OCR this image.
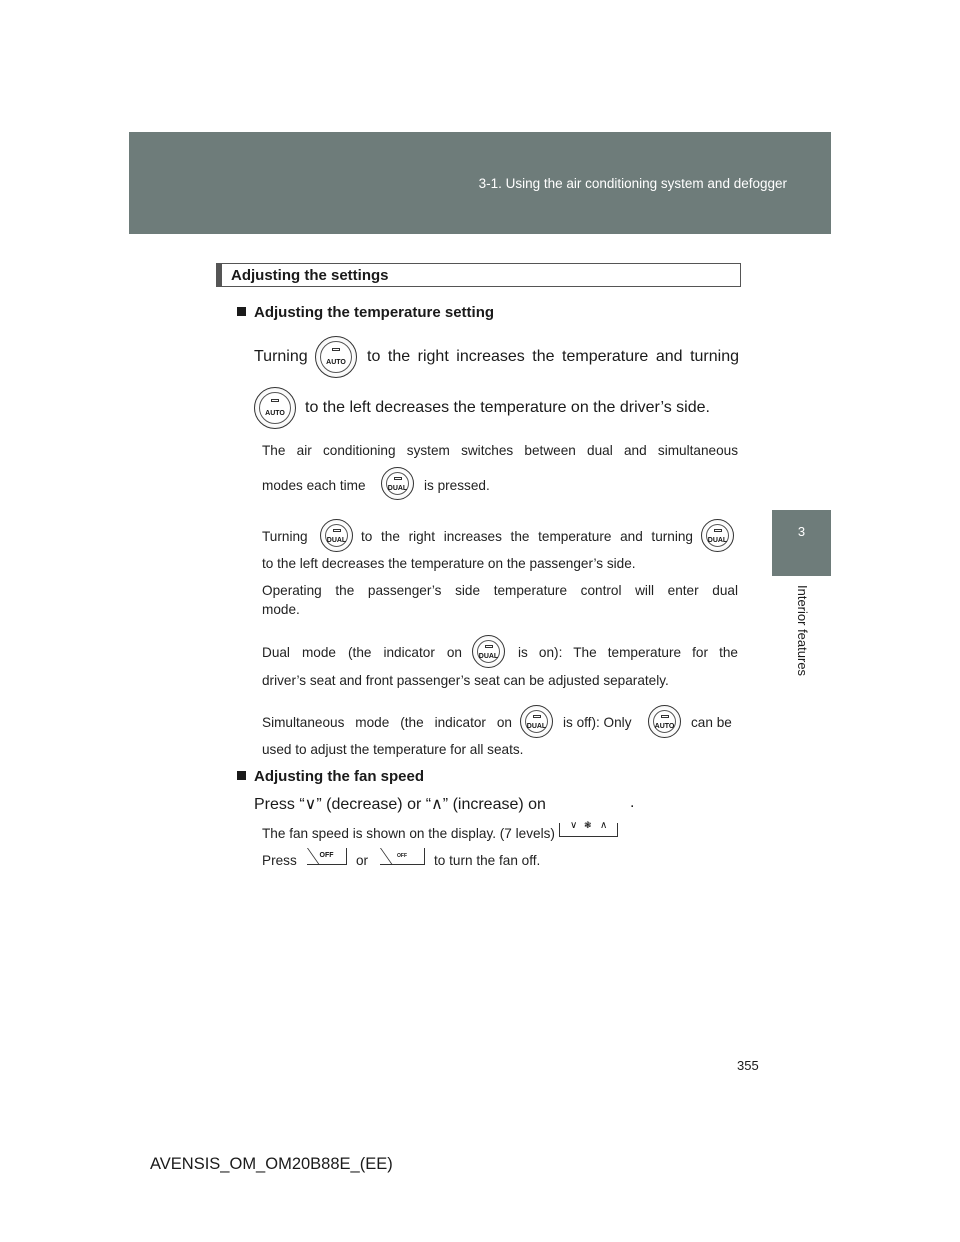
3-1. Using the air conditioning system and defogger
3
Interior features
Adjusting the settings
Adjusting the temperature setting
Turning	AUTO	to the right increases the temperature and turning
AUTO	to the left decreases the temperature on the driver’s side.
The air conditioning system switches between dual and simultaneous
modes each time	DUAL	is pressed.
Turning	DUAL	to the right increases the temperature and turning	DUAL
to the left decreases the temperature on the passenger’s side.
Operating the passenger’s side temperature control will enter dual
mode.
Dual mode (the indicator on	DUAL	is on): The temperature for the
driver’s seat and front passenger’s seat can be adjusted separately.
Simultaneous mode (the indicator on	DUAL	is off): Only	AUTO	can be
used to adjust the temperature for all seats.
Adjusting the fan speed
Press “∨” (decrease) or “∧” (increase) on
∨ ❃ ∧
.
The fan speed is shown on the display. (7 levels)
Press	OFF	or	OFF	to turn the fan off.
355
AVENSIS_OM_OM20B88E_(EE)
